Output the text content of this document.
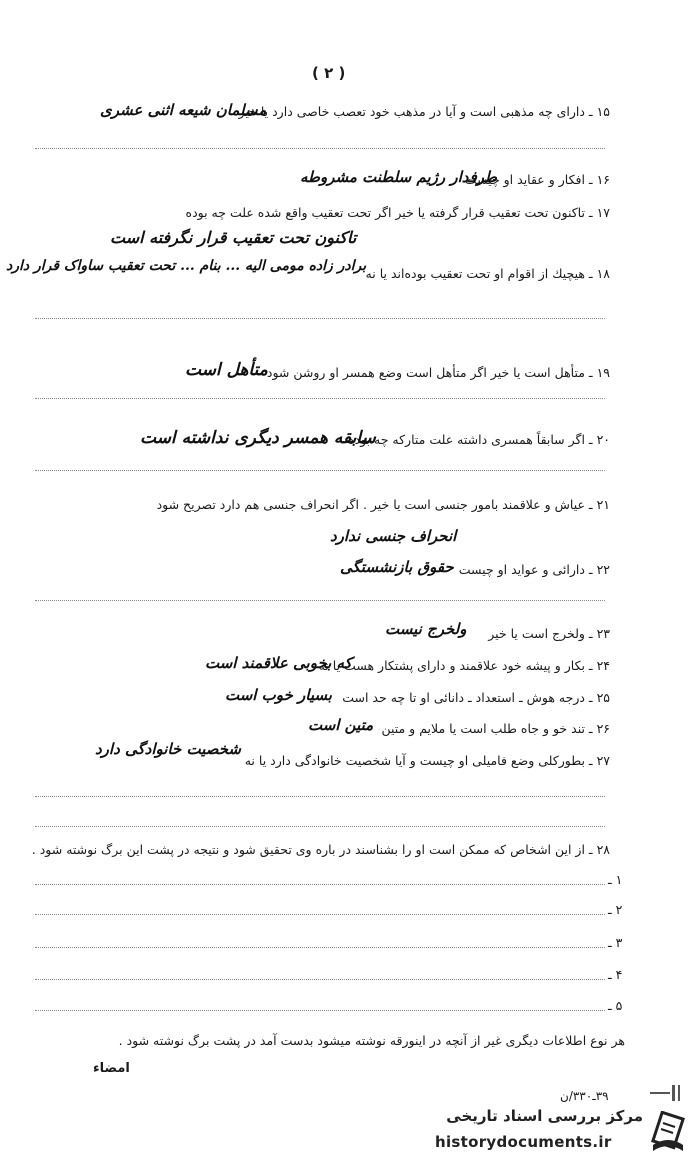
( ۲ )
۱۵ ـ دارای چه مذهبی است و آیا در مذهب خود تعصب خاصی دارد یا خیر
مسلمان شیعه اثنی عشری
۱۶ ـ افکار و عقاید او چیست
طرفدار رژیم سلطنت مشروطه
۱۷ ـ تاکنون تحت تعقیب قرار گرفته یا خیر اگر تحت تعقیب واقع شده علت چه بوده
تاکنون تحت تعقیب قرار نگرفته است
۱۸ ـ هیچیك از اقوام او تحت تعقیب بوده‌اند یا نه
برادر زاده مومی الیه ... بنام ... تحت تعقیب ساواک قرار دارد
۱۹ ـ متأهل است یا خیر اگر متأهل است وضع همسر او روشن شود
متأهل است
۲۰ ـ اگر سابقاً همسری داشته علت متارکه چه بوده
سابقه همسر دیگری نداشته است
۲۱ ـ عیاش و علاقمند بامور جنسی است یا خیر . اگر انحراف جنسی هم دارد تصریح شود
انحراف جنسی ندارد
۲۲ ـ دارائی و عواید او چیست
حقوق بازنشستگی
۲۳ ـ ولخرج است یا خیر
ولخرج نیست
۲۴ ـ بکار و پیشه خود علاقمند و دارای پشتکار هست یا نه
که بخوبی علاقمند است
۲۵ ـ درجه هوش ـ استعداد ـ دانائی او تا چه حد است
بسیار خوب است
۲۶ ـ تند خو و جاه طلب است یا ملایم و متین
متین است
۲۷ ـ بطورکلی وضع فامیلی او چیست و آیا شخصیت خانوادگی دارد یا نه
شخصیت خانوادگی دارد
۲۸ ـ از این اشخاص که ممکن است او را بشناسند در باره وی تحقیق شود و نتیجه در پشت این برگ نوشته شود .
۱ ـ
۲ ـ
۳ ـ
۴ ـ
۵ ـ
هر نوع اطلاعات دیگری غیر از آنچه در اینورقه نوشته میشود بدست آمد در پشت برگ نوشته شود .
امضاء
۳۹ـ۳۳۰/ن
مرکز بررسی اسناد تاریخی
historydocuments.ir
